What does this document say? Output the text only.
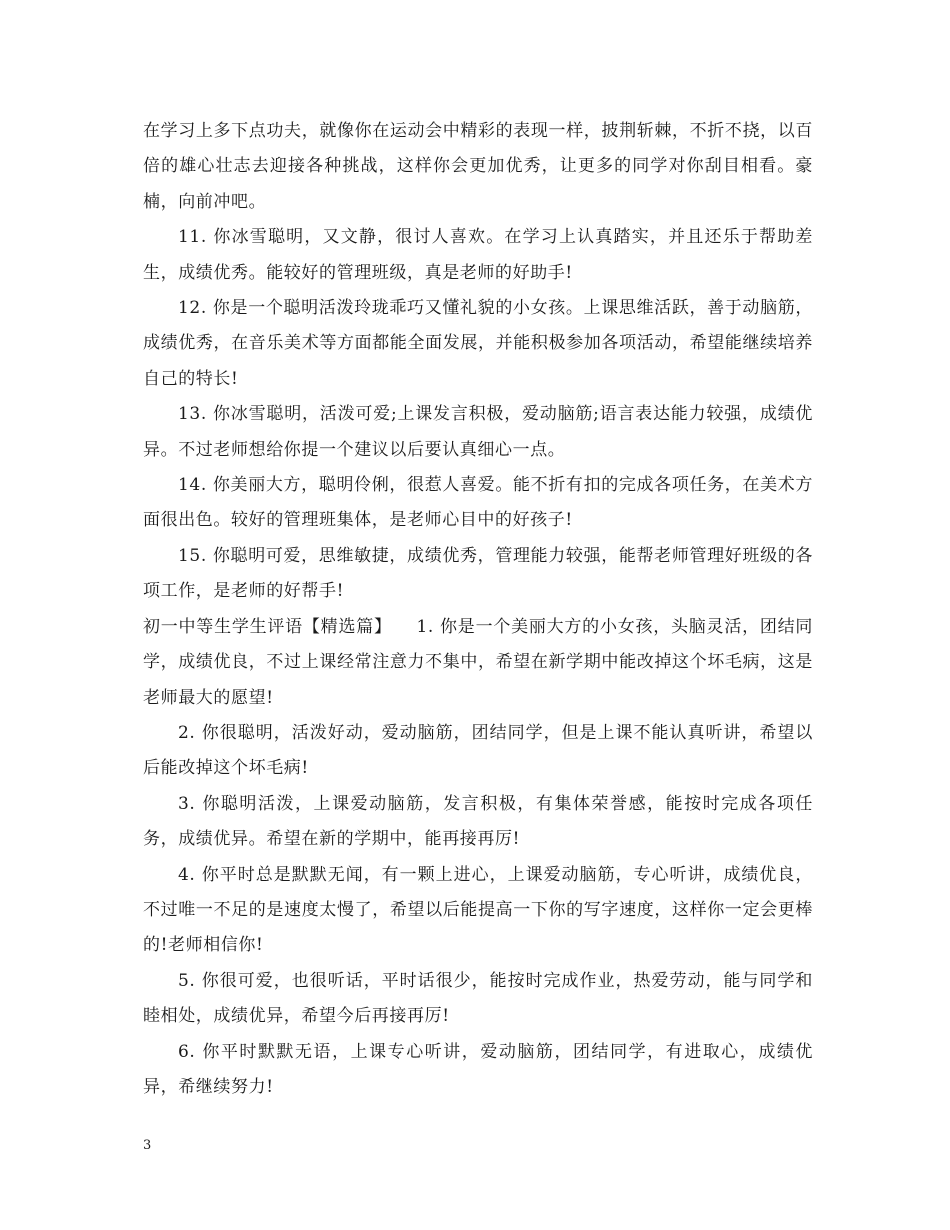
在学习上多下点功夫，就像你在运动会中精彩的表现一样，披荆斩棘，不折不挠，以百倍的雄心壮志去迎接各种挑战，这样你会更加优秀，让更多的同学对你刮目相看。豪楠，向前冲吧。

11. 你冰雪聪明，又文静，很讨人喜欢。在学习上认真踏实，并且还乐于帮助差生，成绩优秀。能较好的管理班级，真是老师的好助手!

12. 你是一个聪明活泼玲珑乖巧又懂礼貌的小女孩。上课思维活跃，善于动脑筋，成绩优秀，在音乐美术等方面都能全面发展，并能积极参加各项活动，希望能继续培养自己的特长!

13. 你冰雪聪明，活泼可爱;上课发言积极，爱动脑筋;语言表达能力较强，成绩优异。不过老师想给你提一个建议以后要认真细心一点。

14. 你美丽大方，聪明伶俐，很惹人喜爱。能不折有扣的完成各项任务，在美术方面很出色。较好的管理班集体，是老师心目中的好孩子!

15. 你聪明可爱，思维敏捷，成绩优秀，管理能力较强，能帮老师管理好班级的各项工作，是老师的好帮手!

初一中等生学生评语【精选篇】    1. 你是一个美丽大方的小女孩，头脑灵活，团结同学，成绩优良，不过上课经常注意力不集中，希望在新学期中能改掉这个坏毛病，这是老师最大的愿望!

2. 你很聪明，活泼好动，爱动脑筋，团结同学，但是上课不能认真听讲，希望以后能改掉这个坏毛病!

3. 你聪明活泼，上课爱动脑筋，发言积极，有集体荣誉感，能按时完成各项任务，成绩优异。希望在新的学期中，能再接再厉!

4. 你平时总是默默无闻，有一颗上进心，上课爱动脑筋，专心听讲，成绩优良，不过唯一不足的是速度太慢了，希望以后能提高一下你的写字速度，这样你一定会更棒的!老师相信你!

5. 你很可爱，也很听话，平时话很少，能按时完成作业，热爱劳动，能与同学和睦相处，成绩优异，希望今后再接再厉!

6. 你平时默默无语，上课专心听讲，爱动脑筋，团结同学，有进取心，成绩优异，希继续努力!

3
